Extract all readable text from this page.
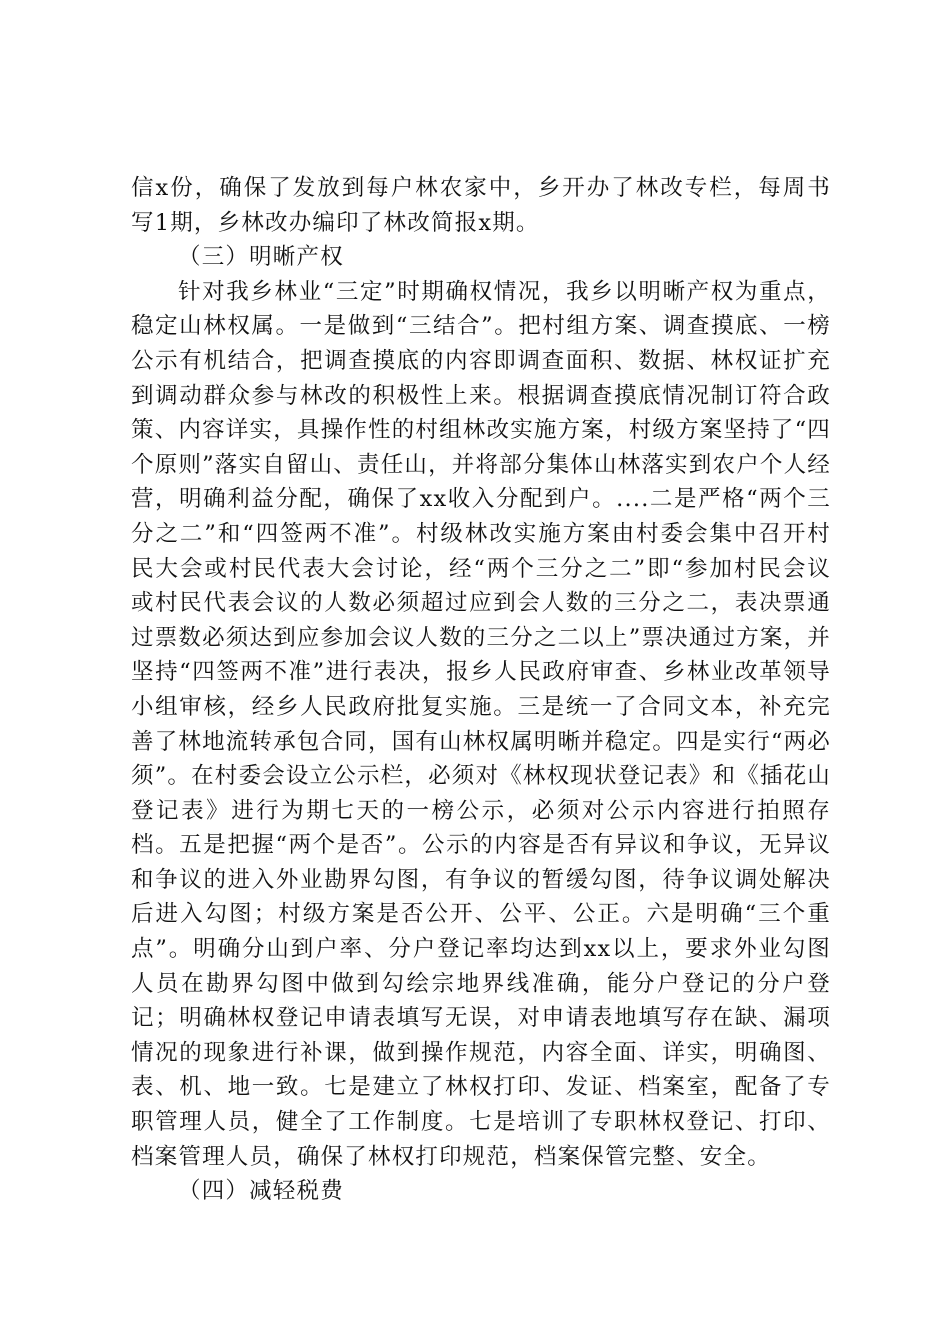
信x份，确保了发放到每户林农家中，乡开办了林改专栏，每周书写1期，乡林改办编印了林改简报x期。

（三）明晰产权

针对我乡林业“三定”时期确权情况，我乡以明晰产权为重点，稳定山林权属。一是做到“三结合”。把村组方案、调查摸底、一榜公示有机结合，把调查摸底的内容即调查面积、数据、林权证扩充到调动群众参与林改的积极性上来。根据调查摸底情况制订符合政策、内容详实，具操作性的村组林改实施方案，村级方案坚持了“四个原则”落实自留山、责任山，并将部分集体山林落实到农户个人经营，明确利益分配，确保了xx收入分配到户。....二是严格“两个三分之二”和“四签两不准”。村级林改实施方案由村委会集中召开村民大会或村民代表大会讨论，经“两个三分之二”即“参加村民会议或村民代表会议的人数必须超过应到会人数的三分之二，表决票通过票数必须达到应参加会议人数的三分之二以上”票决通过方案，并坚持“四签两不准”进行表决，报乡人民政府审查、乡林业改革领导小组审核，经乡人民政府批复实施。三是统一了合同文本，补充完善了林地流转承包合同，国有山林权属明晰并稳定。四是实行“两必须”。在村委会设立公示栏，必须对《林权现状登记表》和《插花山登记表》进行为期七天的一榜公示，必须对公示内容进行拍照存档。五是把握“两个是否”。公示的内容是否有异议和争议，无异议和争议的进入外业勘界勾图，有争议的暂缓勾图，待争议调处解决后进入勾图；村级方案是否公开、公平、公正。六是明确“三个重点”。明确分山到户率、分户登记率均达到xx以上，要求外业勾图人员在勘界勾图中做到勾绘宗地界线准确，能分户登记的分户登记；明确林权登记申请表填写无误，对申请表地填写存在缺、漏项情况的现象进行补课，做到操作规范，内容全面、详实，明确图、表、机、地一致。七是建立了林权打印、发证、档案室，配备了专职管理人员，健全了工作制度。七是培训了专职林权登记、打印、档案管理人员，确保了林权打印规范，档案保管完整、安全。

（四）减轻税费
